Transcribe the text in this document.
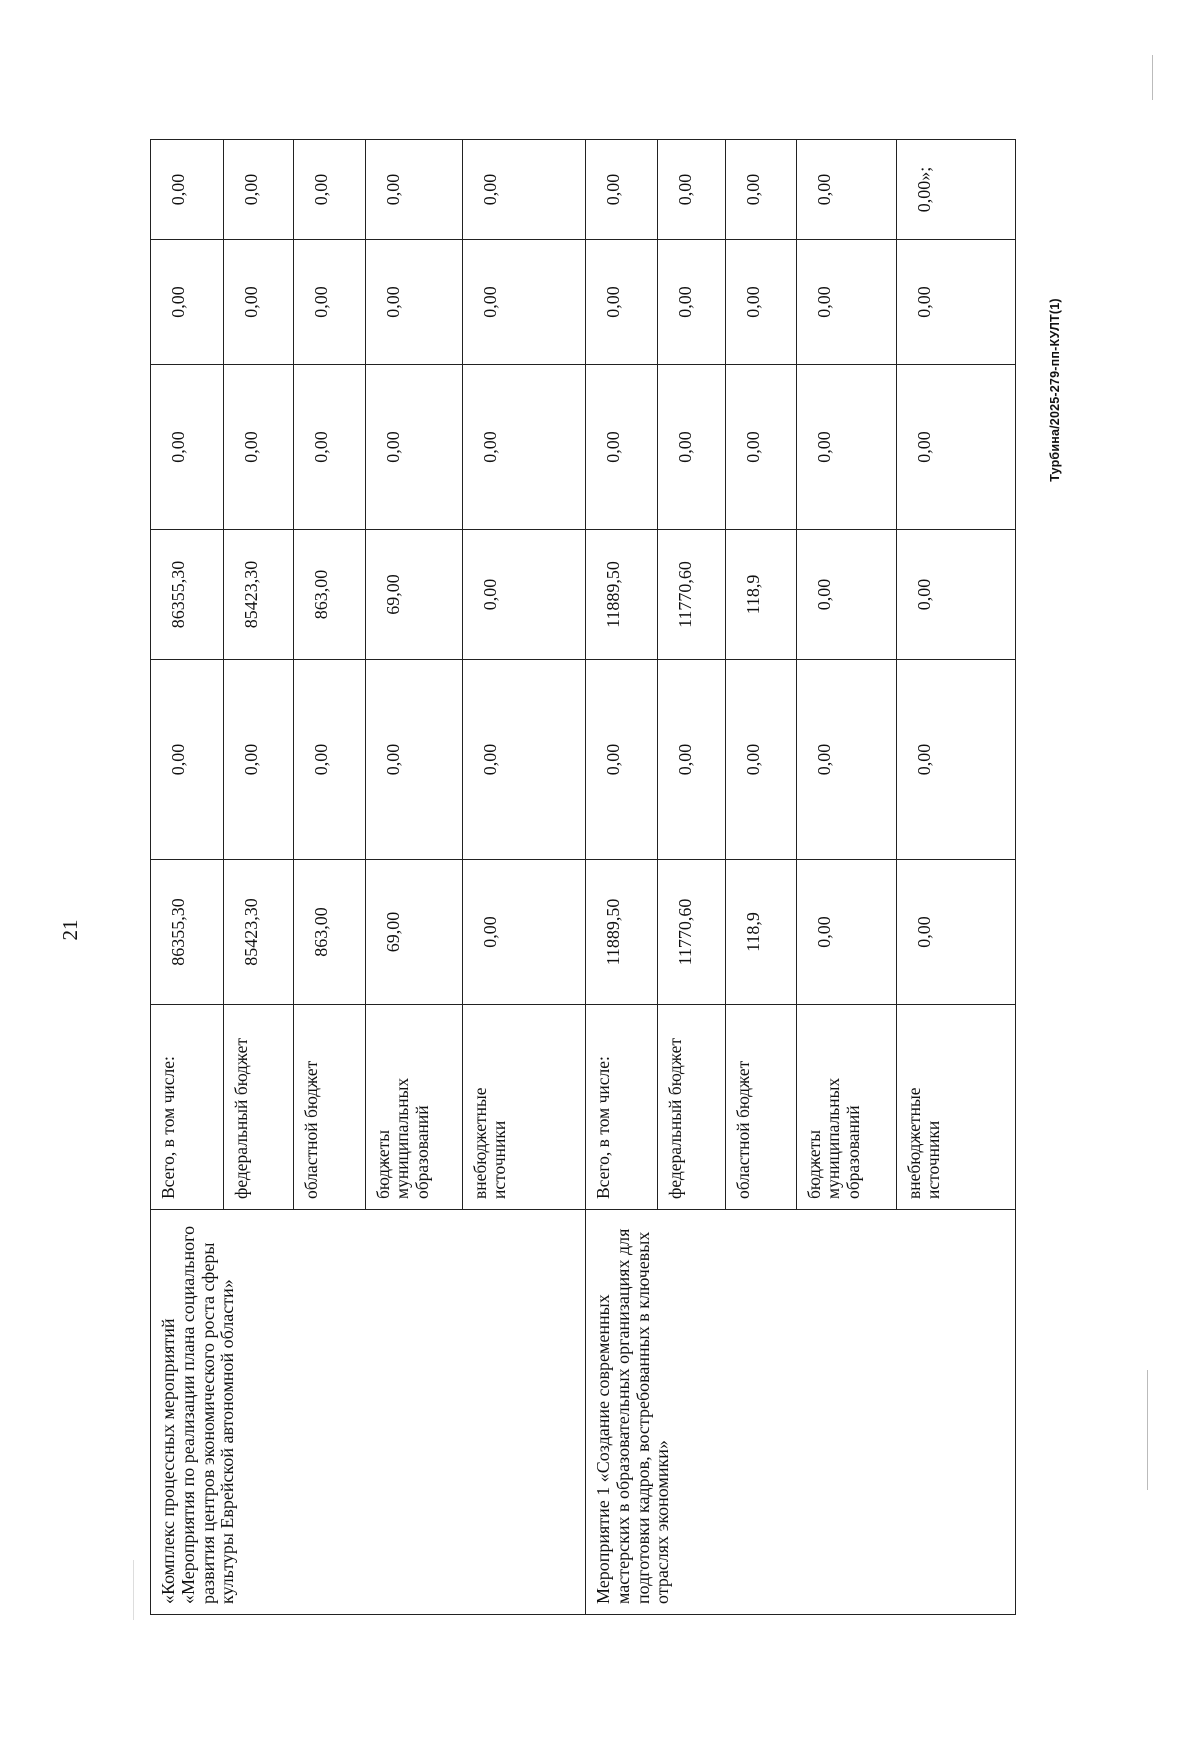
21
«Комплекс процессных мероприятий «Мероприятия по реализации плана социального развития центров экономического роста сферы культуры Еврейской автономной области»	Всего, в том числе:	86355,30	0,00	86355,30	0,00	0,00	0,00
	федеральный бюджет	85423,30	0,00	85423,30	0,00	0,00	0,00
	областной бюджет	863,00	0,00	863,00	0,00	0,00	0,00
	бюджеты муниципальных образований	69,00	0,00	69,00	0,00	0,00	0,00
	внебюджетные источники	0,00	0,00	0,00	0,00	0,00	0,00
Мероприятие 1 «Создание современных мастерских в образовательных организациях для подготовки кадров, востребованных в ключевых отраслях экономики»	Всего, в том числе:	11889,50	0,00	11889,50	0,00	0,00	0,00
	федеральный бюджет	11770,60	0,00	11770,60	0,00	0,00	0,00
	областной бюджет	118,9	0,00	118,9	0,00	0,00	0,00
	бюджеты муниципальных образований	0,00	0,00	0,00	0,00	0,00	0,00
	внебюджетные источники	0,00	0,00	0,00	0,00	0,00	0,00»;
Турбина/2025-279-пп-КУЛТ(1)
